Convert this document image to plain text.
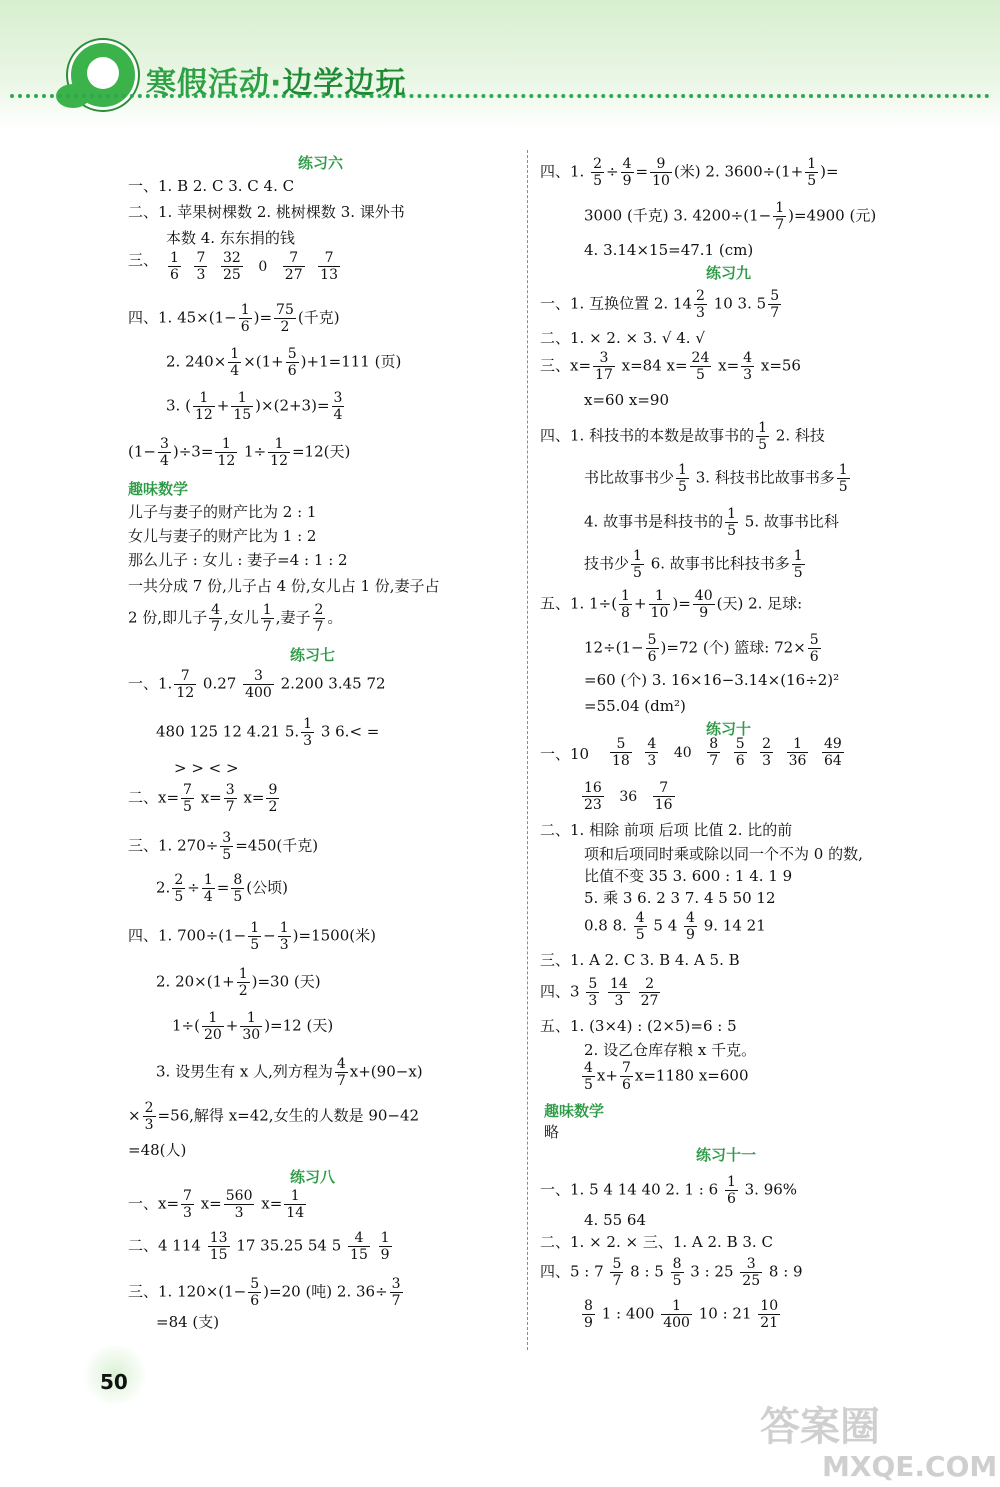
寒假活动·边学边玩
练习六
一、1. B 2. C 3. C 4. C
二、1. 苹果树棵数 2. 桃树棵数 3. 课外书
本数 4. 东东捐的钱
三、 $\frac{1}{6}$
$\frac{7}{3}$
$\frac{32}{25}$
0
$\frac{7}{27}$
$\frac{7}{13}$

四、1. $45\times(1- \frac{1}{6}$ )= $\frac{75}{2}$ (千克)
2. $240\times \frac{1}{4} \times(1+ \frac{5}{6} )+1=111$ (页)
3. ( $\frac{1}{12} + \frac{1}{15} )\times(2+3)= \frac{3}{4}$
$(1- \frac{3}{4} )\div 3= \frac{1}{12} 1\div \frac{1}{12} =12$(天)
趣味数学
儿子与妻子的财产比为 2 : 1
女儿与妻子的财产比为 1 : 2
那么儿子 : 女儿 : 妻子=4 : 1 : 2
一共分成 7 份,儿子占 4 份,女儿占 1 份,妻子占
2 份,即儿子 $\frac{4}{7}$ ,女儿 $\frac{1}{7}$ ,妻子 $\frac{2}{7}$ 。
练习七
一、1. $\frac{7}{12} 0.27 \frac{3}{400} 2.200$ 3.45 72
480 125 12 4.21 5. $\frac{1}{3} 3$ 6.< =
> > < >
二、$x= \frac{7}{5} x= \frac{3}{7} x= \frac{9}{2}$
三、1. $270\div \frac{3}{5} =450$(千克)
2. $\frac{2}{5} \div \frac{1}{4} = \frac{8}{5}$ (公顷)
四、1. $700\div(1- \frac{1}{5} - \frac{1}{3} )=1500$(米)
2. $20\times(1+ \frac{1}{2} )=30$ (天)
$1\div( \frac{1}{20} + \frac{1}{30} )=12$ (天)
3. 设男生有 x 人,列方程为 $\frac{4}{7} x+(90-x)$
× $\frac{2}{3} =56$,解得 x=42,女生的人数是 90−42
=48(人)
练习八
一、$x= \frac{7}{3} x= \frac{560}{3} x= \frac{1}{14}$
二、4 $114 \frac{13}{15} 17$ 35.25 54 $5 \frac{4}{15}$
$\frac{1}{9}$
三、1. $120\times(1- \frac{5}{6} )=20$ (吨) 2. $36\div \frac{3}{7}$
=84 (支)
四、1. $\frac{2}{5} \div \frac{4}{9} = \frac{9}{10}$ (米) 2. $3600\div(1+ \frac{1}{5}$ )=
3000 (千克) 3. $4200\div(1- \frac{1}{7} )=4900$ (元)
4. 3.14×15=47.1 (cm)
练习九
一、1. 互换位置 2. $14 \frac{2}{3} 10$ 3. $5 \frac{5}{7}$
二、1. × 2. × 3. √ 4. √
三、$x= \frac{3}{17} x=84$ $x= \frac{24}{5} x= \frac{4}{3} x=56$
x=60 x=90
四、1. 科技书的本数是故事书的 $\frac{1}{5} 2$. 科技
书比故事书少 $\frac{1}{5} 3$. 科技书比故事书多 $\frac{1}{5}$
4. 故事书是科技书的 $\frac{1}{5} 5$. 故事书比科
技书少 $\frac{1}{5} 6$. 故事书比科技书多 $\frac{1}{5}$
五、1. $1\div( \frac{1}{8} + \frac{1}{10}$ )= $\frac{40}{9}$ (天) 2. 足球:
$12\div(1- \frac{5}{6} )=72$ (个) 篮球: $72\times \frac{5}{6}$
=60 (个) 3. 16×16−3.14×(16÷2)²
=55.04 (dm²)
练习十
一、$10 \frac{5}{18}$
$\frac{4}{3}$
40
$\frac{8}{7}$
$\frac{5}{6}$
$\frac{2}{3}$
$\frac{1}{36}$
$\frac{49}{64}$

$\frac{16}{23}$
36
$\frac{7}{16}$

二、1. 相除 前项 后项 比值 2. 比的前
项和后项同时乘或除以同一个不为 0 的数,
比值不变 35 3. 600 : 1 4. 1 9
5. 乘 3 6. 2 3 7. 4 5 50 12
0.8 8. $\frac{4}{5} 5$ $4 \frac{4}{9} 9$. 14 21
三、1. A 2. C 3. B 4. A 5. B
四、$3 \frac{5}{3}$
$\frac{14}{3}$
$\frac{2}{27}$
五、1. (3×4) : (2×5)=6 : 5
2. 设乙仓库存粮 x 千克。
$\frac{4}{5} x+ \frac{7}{6} x=1180$ x=600
趣味数学
略
练习十一
一、1. 5 4 14 40 2. 1 : $6 \frac{1}{6} 3$. 96%
4. 55 64
二、1. × 2. × 三、1. A 2. B 3. C
四、5 : $7 \frac{5}{7} 8$ : $5 \frac{8}{5} 3$ : $25 \frac{3}{25} 8$ : 9
$\frac{8}{9} 1$ : $400 \frac{1}{400} 10$ : $21 \frac{10}{21}$
50
答案圈
MXQE.COM
